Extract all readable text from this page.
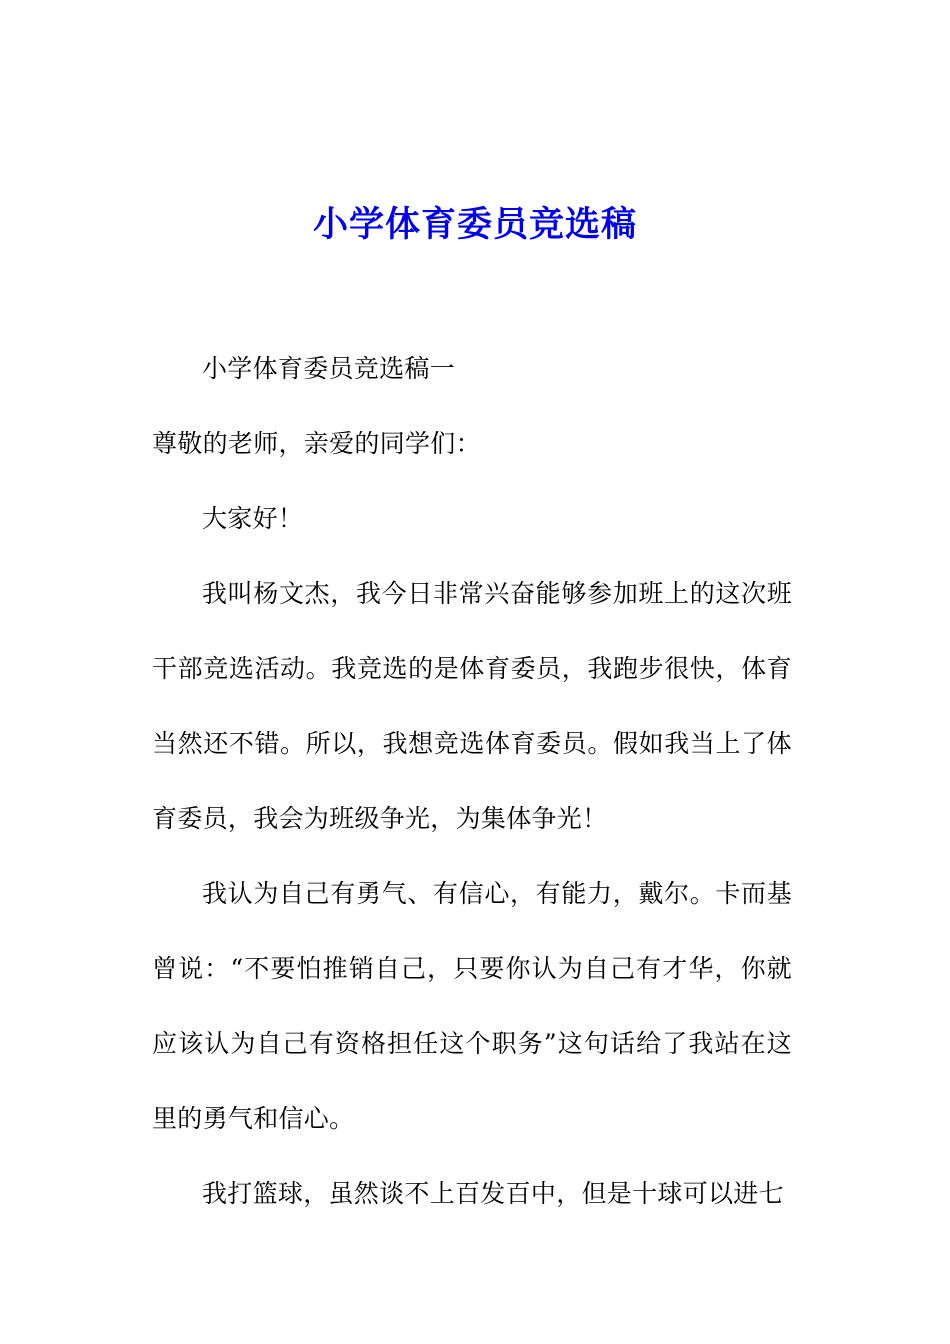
小学体育委员竞选稿

小学体育委员竞选稿一

尊敬的老师，亲爱的同学们：

大家好！

我叫杨文杰，我今日非常兴奋能够参加班上的这次班干部竞选活动。我竞选的是体育委员，我跑步很快，体育当然还不错。所以，我想竞选体育委员。假如我当上了体育委员，我会为班级争光，为集体争光！

我认为自己有勇气、有信心，有能力，戴尔。卡而基曾说：“不要怕推销自己，只要你认为自己有才华，你就应该认为自己有资格担任这个职务”这句话给了我站在这里的勇气和信心。

我打篮球，虽然谈不上百发百中，但是十球可以进七
